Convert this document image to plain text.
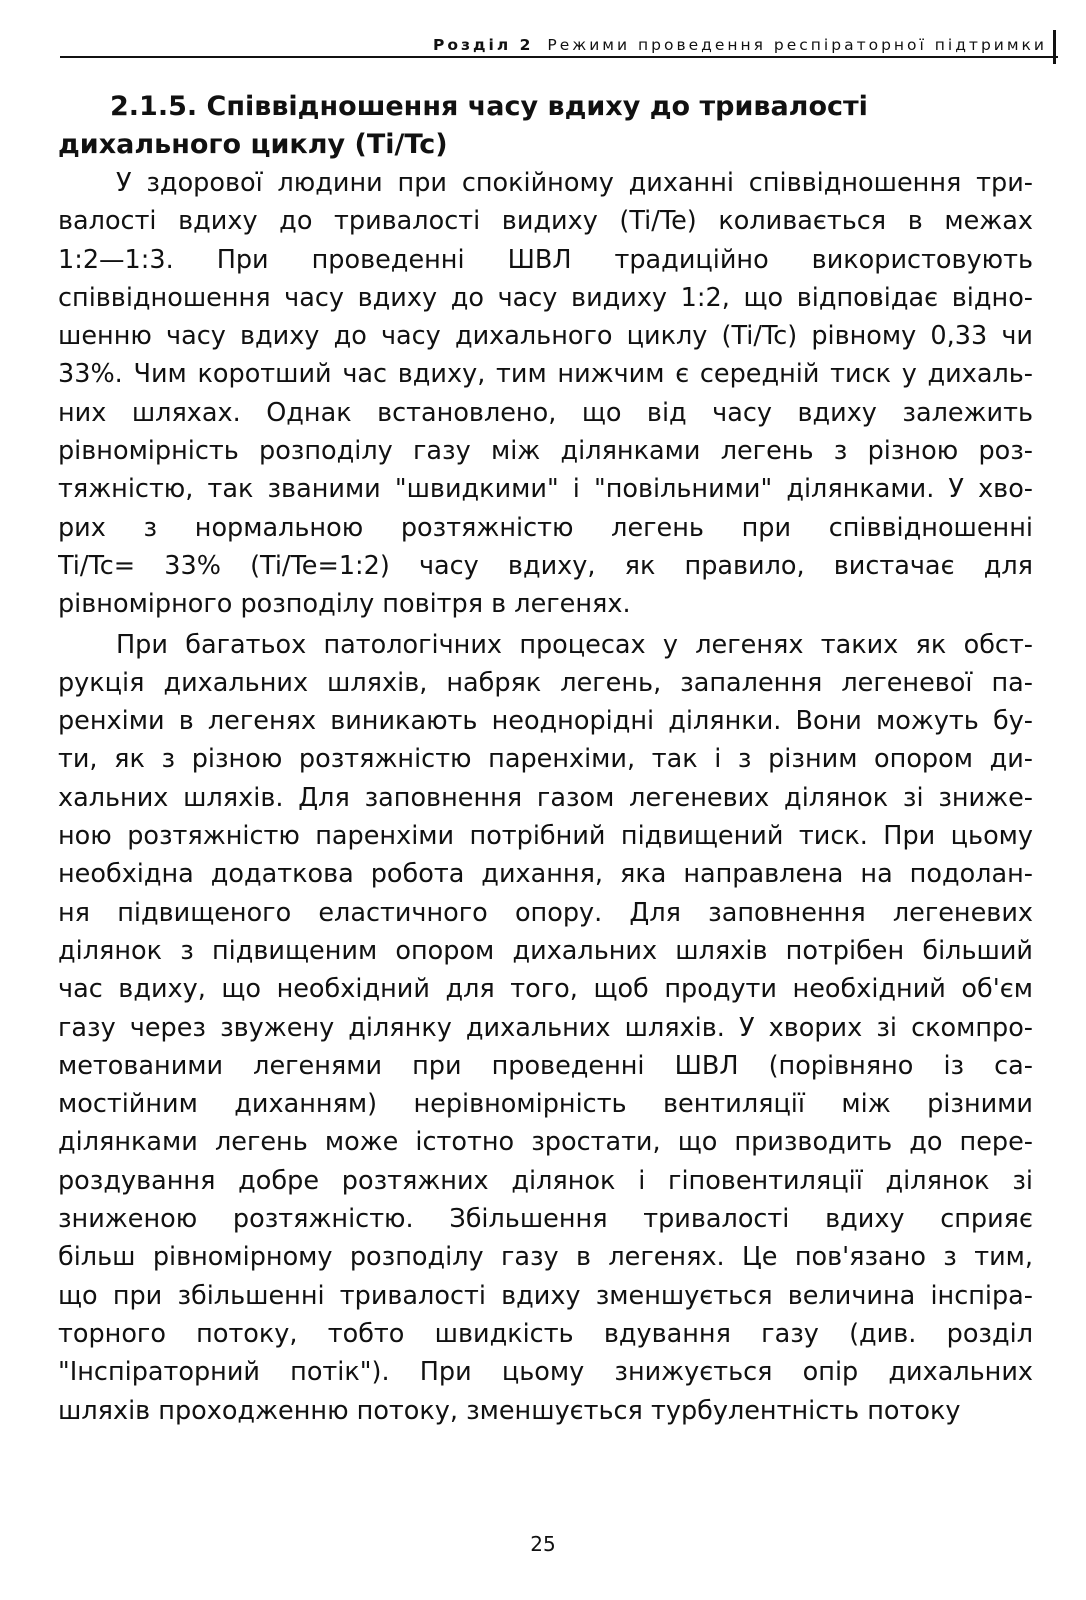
Розділ 2 Режими проведення респіраторної підтримки
2.1.5. Співвідношення часу вдиху до тривалості дихального циклу (Ti/Tc)
У здорової людини при спокійному диханні співвідношення три-
валості вдиху до тривалості видиху (Ti/Te) коливається в межах
1:2—1:3. При проведенні ШВЛ традиційно використовують
співвідношення часу вдиху до часу видиху 1:2, що відповідає відно-
шенню часу вдиху до часу дихального циклу (Ti/Tc) рівному 0,33 чи
33%. Чим коротший час вдиху, тим нижчим є середній тиск у дихаль-
них шляхах. Однак встановлено, що від часу вдиху залежить
рівномірність розподілу газу між ділянками легень з різною роз-
тяжністю, так званими "швидкими" і "повільними" ділянками. У хво-
рих з нормальною розтяжністю легень при співвідношенні
Ti/Tc= 33% (Ti/Te=1:2) часу вдиху, як правило, вистачає для
рівномірного розподілу повітря в легенях.
При багатьох патологічних процесах у легенях таких як обст-
рукція дихальних шляхів, набряк легень, запалення легеневої па-
ренхіми в легенях виникають неоднорідні ділянки. Вони можуть бу-
ти, як з різною розтяжністю паренхіми, так і з різним опором ди-
хальних шляхів. Для заповнення газом легеневих ділянок зі знижe-
ною розтяжністю паренхіми потрібний підвищений тиск. При цьому
необхідна додаткова робота дихання, яка направлена на подолан-
ня підвищеного еластичного опору. Для заповнення легеневих
ділянок з підвищеним опором дихальних шляхів потрібен більший
час вдиху, що необхідний для того, щоб продути необхідний об'єм
газу через звужену ділянку дихальних шляхів. У хворих зі скомпро-
метованими легенями при проведенні ШВЛ (порівняно із са-
мостійним диханням) нерівномірність вентиляції між різними
ділянками легень може істотно зростати, що призводить до пере-
роздування добре розтяжних ділянок і гіповентиляції ділянок зі
зниженою розтяжністю. Збільшення тривалості вдиху сприяє
більш рівномірному розподілу газу в легенях. Це пов'язано з тим,
що при збільшенні тривалості вдиху зменшується величина інспіра-
торного потоку, тобто швидкість вдування газу (див. розділ
"Інспіраторний потік"). При цьому знижується опір дихальних
шляхів проходженню потоку, зменшується турбулентність потоку
25
